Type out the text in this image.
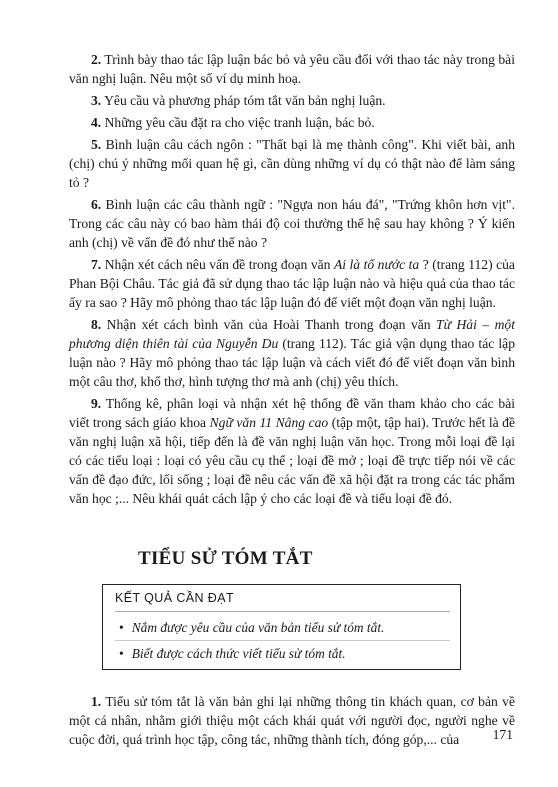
2. Trình bày thao tác lập luận bác bỏ và yêu cầu đối với thao tác này trong bài văn nghị luận. Nêu một số ví dụ minh hoạ.

3. Yêu cầu và phương pháp tóm tắt văn bản nghị luận.

4. Những yêu cầu đặt ra cho việc tranh luận, bác bỏ.

5. Bình luận câu cách ngôn : "Thất bại là mẹ thành công". Khi viết bài, anh (chị) chú ý những mối quan hệ gì, cần dùng những ví dụ có thật nào để làm sáng tỏ ?

6. Bình luận các câu thành ngữ : "Ngựa non háu đá", "Trứng khôn hơn vịt". Trong các câu này có bao hàm thái độ coi thường thế hệ sau hay không ? Ý kiến anh (chị) về vấn đề đó như thế nào ?

7. Nhận xét cách nêu vấn đề trong đoạn văn Ai là tổ nước ta ? (trang 112) của Phan Bội Châu. Tác giả đã sử dụng thao tác lập luận nào và hiệu quả của thao tác ấy ra sao ? Hãy mô phỏng thao tác lập luận đó để viết một đoạn văn nghị luận.

8. Nhận xét cách bình văn của Hoài Thanh trong đoạn văn Từ Hải – một phương diện thiên tài của Nguyễn Du (trang 112). Tác giả vận dụng thao tác lập luận nào ? Hãy mô phỏng thao tác lập luận và cách viết đó để viết đoạn văn bình một câu thơ, khổ thơ, hình tượng thơ mà anh (chị) yêu thích.

9. Thống kê, phân loại và nhận xét hệ thống đề văn tham khảo cho các bài viết trong sách giáo khoa Ngữ văn 11 Nâng cao (tập một, tập hai). Trước hết là đề văn nghị luận xã hội, tiếp đến là đề văn nghị luận văn học. Trong mỗi loại đề lại có các tiểu loại : loại có yêu cầu cụ thể ; loại đề mở ; loại đề trực tiếp nói về các vấn đề đạo đức, lối sống ; loại đề nêu các vấn đề xã hội đặt ra trong các tác phẩm văn học ;... Nêu khái quát cách lập ý cho các loại đề và tiểu loại đề đó.

TIỂU SỬ TÓM TẮT
KẾT QUẢ CẦN ĐẠT
• Nắm được yêu cầu của văn bản tiểu sử tóm tắt.
• Biết được cách thức viết tiểu sử tóm tắt.

1. Tiểu sử tóm tắt là văn bản ghi lại những thông tin khách quan, cơ bản về một cá nhân, nhằm giới thiệu một cách khái quát với người đọc, người nghe về cuộc đời, quá trình học tập, công tác, những thành tích, đóng góp,... của	171
